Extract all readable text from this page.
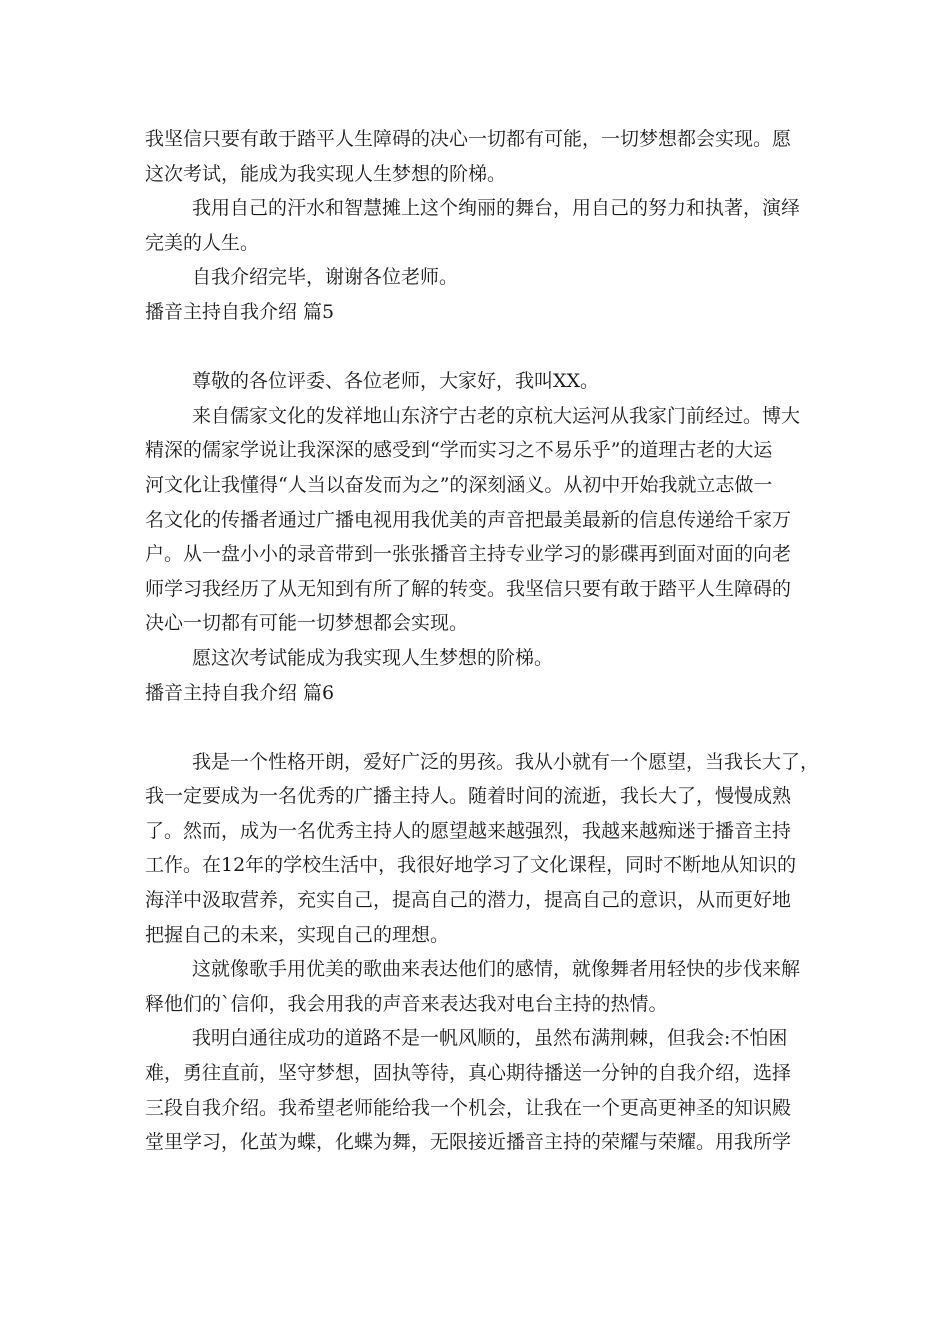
我坚信只要有敢于踏平人生障碍的决心一切都有可能，一切梦想都会实现。愿
这次考试，能成为我实现人生梦想的阶梯。
我用自己的汗水和智慧摊上这个绚丽的舞台，用自己的努力和执著，演绎
完美的人生。
自我介绍完毕，谢谢各位老师。
播音主持自我介绍 篇5
尊敬的各位评委、各位老师，大家好，我叫XX。
来自儒家文化的发祥地山东济宁古老的京杭大运河从我家门前经过。博大
精深的儒家学说让我深深的感受到“学而实习之不易乐乎”的道理古老的大运
河文化让我懂得“人当以奋发而为之”的深刻涵义。从初中开始我就立志做一
名文化的传播者通过广播电视用我优美的声音把最美最新的信息传递给千家万
户。从一盘小小的录音带到一张张播音主持专业学习的影碟再到面对面的向老
师学习我经历了从无知到有所了解的转变。我坚信只要有敢于踏平人生障碍的
决心一切都有可能一切梦想都会实现。
愿这次考试能成为我实现人生梦想的阶梯。
播音主持自我介绍 篇6
我是一个性格开朗，爱好广泛的男孩。我从小就有一个愿望，当我长大了，
我一定要成为一名优秀的广播主持人。随着时间的流逝，我长大了，慢慢成熟
了。然而，成为一名优秀主持人的愿望越来越强烈，我越来越痴迷于播音主持
工作。在12年的学校生活中，我很好地学习了文化课程，同时不断地从知识的
海洋中汲取营养，充实自己，提高自己的潜力，提高自己的意识，从而更好地
把握自己的未来，实现自己的理想。
这就像歌手用优美的歌曲来表达他们的感情，就像舞者用轻快的步伐来解
释他们的`信仰，我会用我的声音来表达我对电台主持的热情。
我明白通往成功的道路不是一帆风顺的，虽然布满荆棘，但我会:不怕困
难，勇往直前，坚守梦想，固执等待，真心期待播送一分钟的自我介绍，选择
三段自我介绍。我希望老师能给我一个机会，让我在一个更高更神圣的知识殿
堂里学习，化茧为蝶，化蝶为舞，无限接近播音主持的荣耀与荣耀。用我所学
